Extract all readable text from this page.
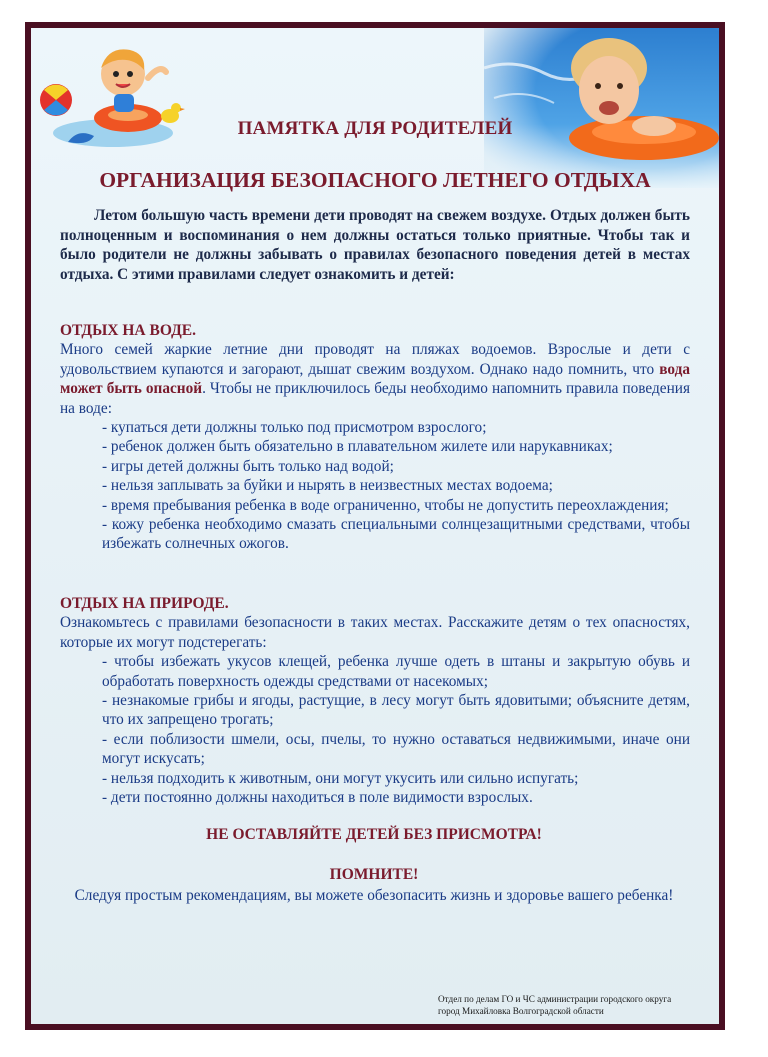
ПАМЯТКА ДЛЯ РОДИТЕЛЕЙ
ОРГАНИЗАЦИЯ БЕЗОПАСНОГО ЛЕТНЕГО ОТДЫХА
Летом большую часть времени дети проводят на свежем воздухе. Отдых должен быть полноценным и воспоминания о нем должны остаться только приятные. Чтобы так и было родители не должны забывать о правилах безопасного поведения детей в местах отдыха. С этими правилами следует ознакомить и детей:
ОТДЫХ НА ВОДЕ.
Много семей жаркие летние дни проводят на пляжах водоемов. Взрослые и дети с удовольствием купаются и загорают, дышат свежим воздухом. Однако надо помнить, что вода может быть опасной. Чтобы не приключилось беды необходимо напомнить правила поведения на воде:
- купаться дети должны только под присмотром взрослого;
- ребенок должен быть обязательно в плавательном жилете или нарукавниках;
- игры детей должны быть только над водой;
- нельзя заплывать за буйки и нырять в неизвестных местах водоема;
- время пребывания ребенка в воде ограниченно, чтобы не допустить переохлаждения;
- кожу ребенка необходимо смазать специальными солнцезащитными средствами, чтобы избежать солнечных ожогов.
ОТДЫХ НА ПРИРОДЕ.
Ознакомьтесь с правилами безопасности в таких местах. Расскажите детям о тех опасностях, которые их могут подстерегать:
- чтобы избежать укусов клещей, ребенка лучше одеть в штаны и закрытую обувь и обработать поверхность одежды средствами от насекомых;
- незнакомые грибы и ягоды, растущие, в лесу могут быть ядовитыми; объясните детям, что их запрещено трогать;
- если поблизости шмели, осы, пчелы, то нужно оставаться недвижимыми, иначе они могут искусать;
- нельзя подходить к животным, они могут укусить или сильно испугать;
- дети постоянно должны находиться в поле видимости взрослых.
НЕ ОСТАВЛЯЙТЕ ДЕТЕЙ БЕЗ ПРИСМОТРА!
ПОМНИТЕ!
Следуя простым рекомендациям, вы можете обезопасить жизнь и здоровье вашего ребенка!
Отдел по делам ГО и ЧС администрации городского округа
город Михайловка Волгоградской области
